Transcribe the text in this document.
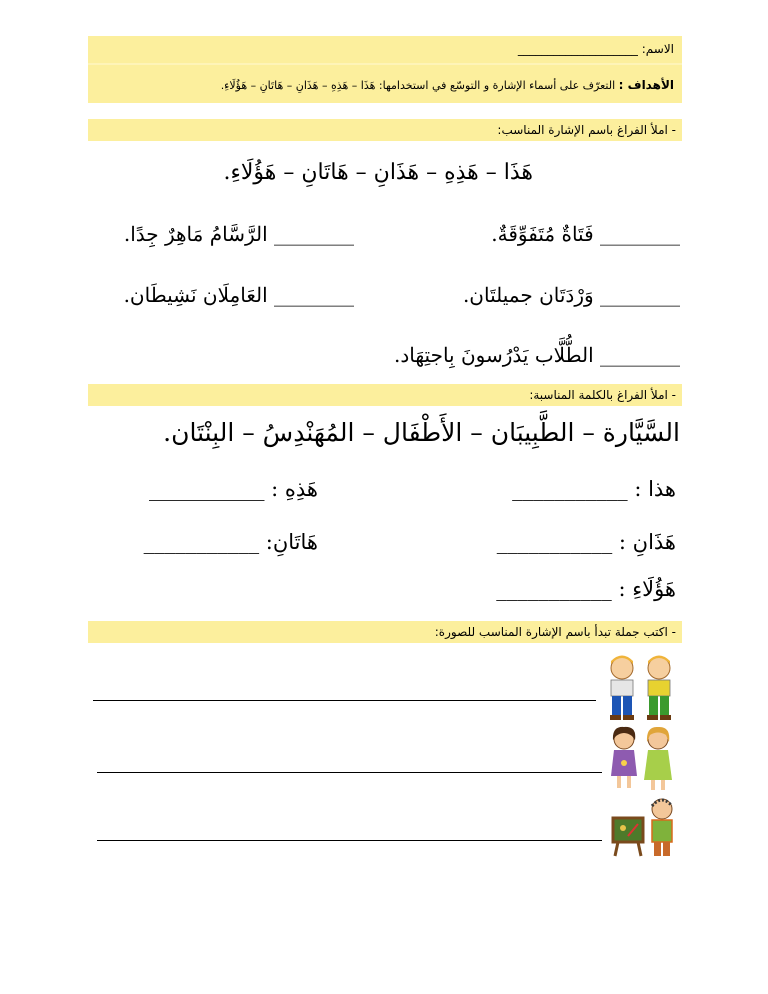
الاسم: ____________________
الأهداف : التعرّف على أسماء الإشارة و التوسّع في استخدامها: هَذَا – هَذِهِ – هَذَانِ – هَاتَانِ – هَؤُلَاءِ.
- املأ الفراغ باسم الإشارة المناسب:
هَذَا – هَذِهِ – هَذَانِ – هَاتَانِ – هَؤُلَاءِ.
________ فَتَاةٌ مُتَفَوِّقَةٌ.
________ الرَّسَّامُ مَاهِرٌ جِدًا.
________ وَرْدَتَان جميلتَان.
________ العَامِلَان نَشِيطَان.
________ الطُّلَّاب يَدْرُسونَ بِاجتِهَاد.
- املأ الفراغ بالكلمة المناسبة:
السَّيَّارة – الطَّبِيبَان – الأَطْفَال – المُهَنْدِسُ – البِنْتَان.
هذا : ___________
هَذِهِ : ___________
هَذَانِ : ___________
هَاتَانِ: ___________
هَؤُلَاءِ : ___________
- اكتب جملة تبدأ باسم الإشارة المناسب للصورة:
